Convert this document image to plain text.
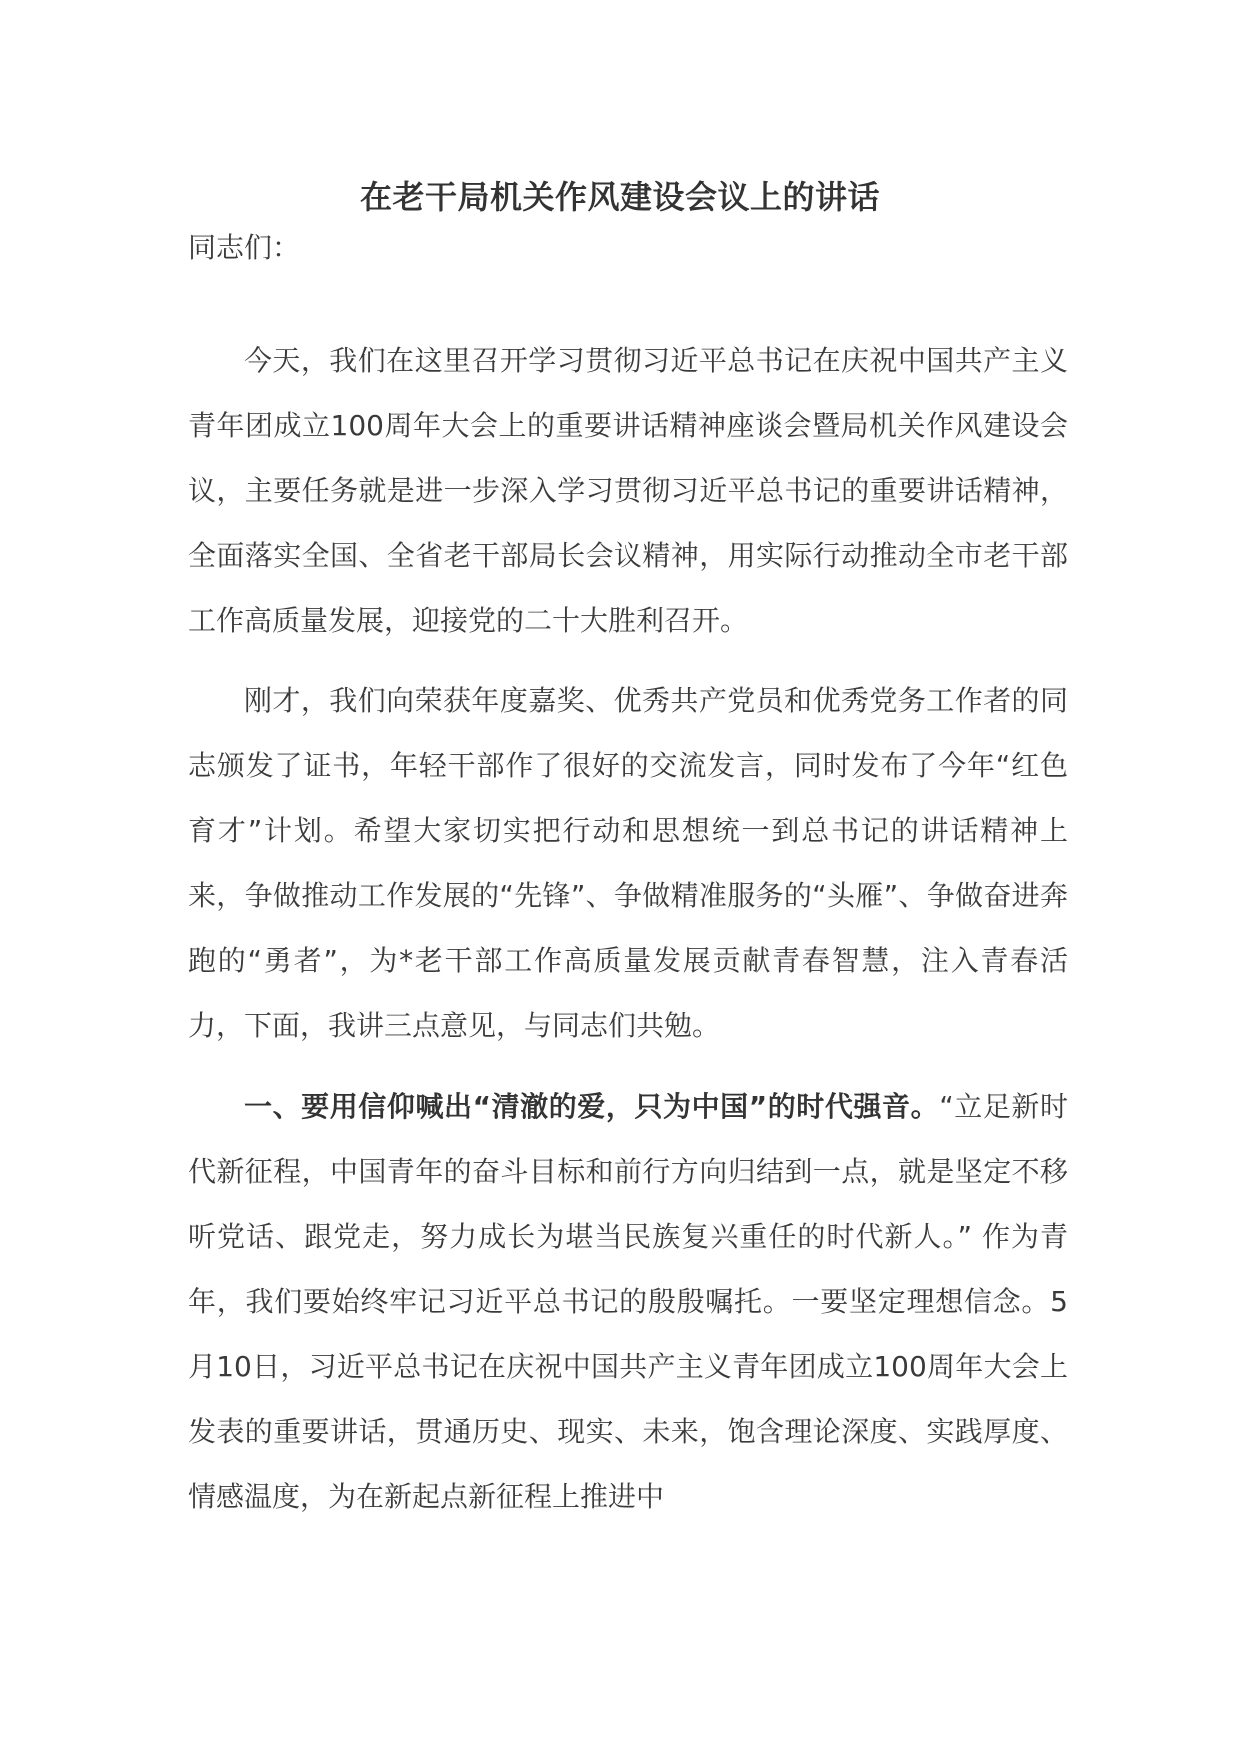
在老干局机关作风建设会议上的讲话
同志们：

今天，我们在这里召开学习贯彻习近平总书记在庆祝中国共产主义青年团成立100周年大会上的重要讲话精神座谈会暨局机关作风建设会议，主要任务就是进一步深入学习贯彻习近平总书记的重要讲话精神，全面落实全国、全省老干部局长会议精神，用实际行动推动全市老干部工作高质量发展，迎接党的二十大胜利召开。

刚才，我们向荣获年度嘉奖、优秀共产党员和优秀党务工作者的同志颁发了证书，年轻干部作了很好的交流发言，同时发布了今年“红色育才”计划。希望大家切实把行动和思想统一到总书记的讲话精神上来，争做推动工作发展的“先锋”、争做精准服务的“头雁”、争做奋进奔跑的“勇者”，为*老干部工作高质量发展贡献青春智慧，注入青春活力，下面，我讲三点意见，与同志们共勉。

一、要用信仰喊出“清澈的爱，只为中国”的时代强音。“立足新时代新征程，中国青年的奋斗目标和前行方向归结到一点，就是坚定不移听党话、跟党走，努力成长为堪当民族复兴重任的时代新人。” 作为青年，我们要始终牢记习近平总书记的殷殷嘱托。一要坚定理想信念。5月10日，习近平总书记在庆祝中国共产主义青年团成立100周年大会上发表的重要讲话，贯通历史、现实、未来，饱含理论深度、实践厚度、情感温度，为在新起点新征程上推进中
